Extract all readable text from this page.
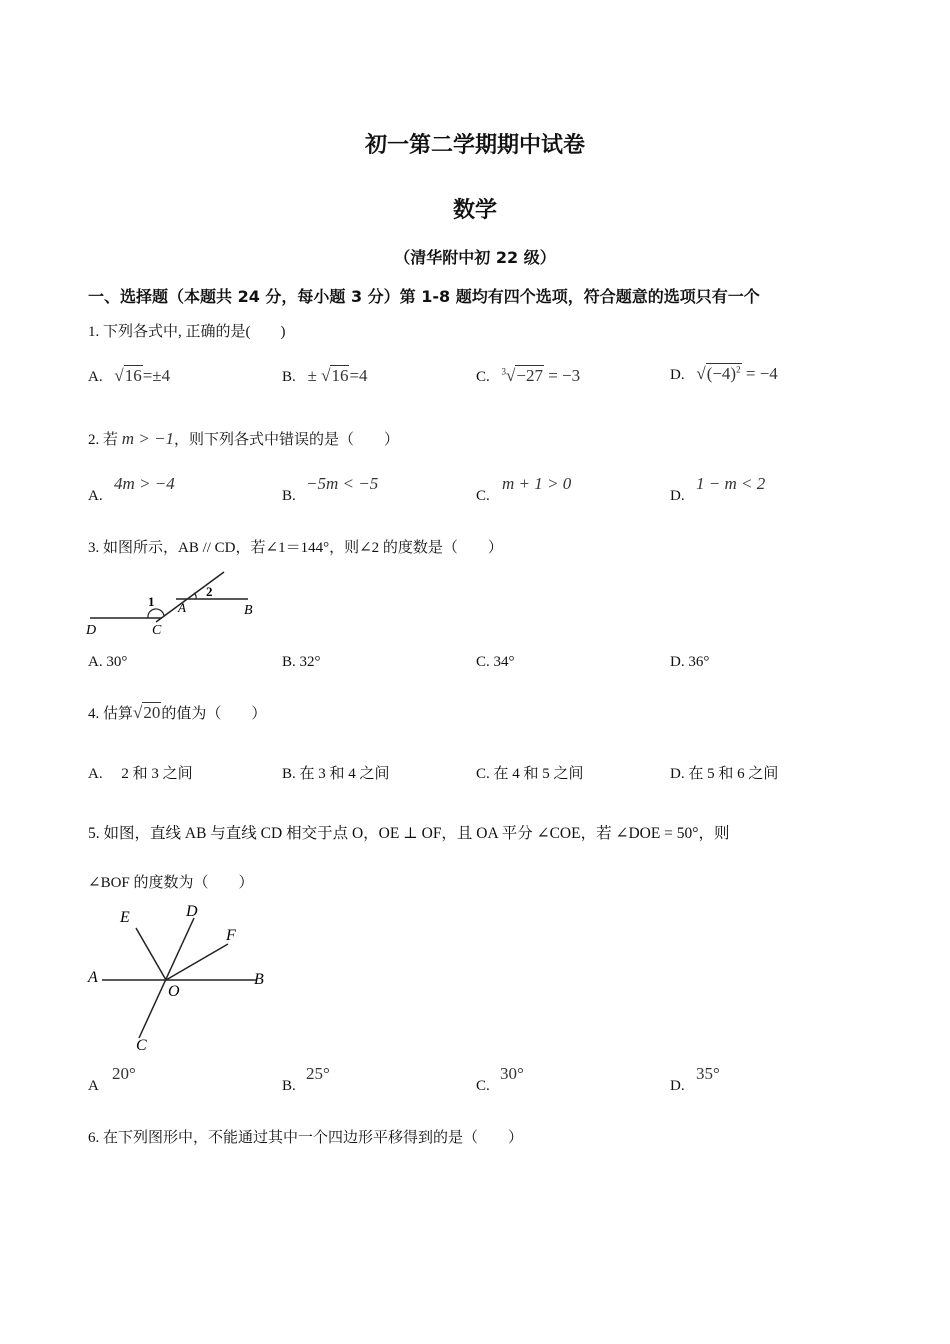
初一第二学期期中试卷
数学
（清华附中初 22 级）
一、选择题（本题共 24 分，每小题 3 分）第 1-8 题均有四个选项，符合题意的选项只有一个
1. 下列各式中, 正确的是(　　)
A. √16=±4	B. ± √16=4	C. $^3$√−27 = −3	D. $√(-4)^2 = -4$
2. 若 m > −1，则下列各式中错误的是（　　）
A.
4m > −4
B.
−5m < −5
C.
m + 1 > 0
D.
1 − m < 2
3. 如图所示，AB // CD，若∠1＝144°，则∠2 的度数是（　　）
D	C
A	B
1
2
A. 30°	B. 32°	C. 34°	D. 36°
4. 估算√20的值为（　　）
A.　 2 和 3 之间	B. 在 3 和 4 之间	C. 在 4 和 5 之间	D. 在 5 和 6 之间
5. 如图，直线 AB 与直线 CD 相交于点 O，OE ⊥ OF，且 OA 平分 ∠COE，若 ∠DOE = 50°，则
∠BOF 的度数为（　　）
E	D
F
A
O
B
C
A
20°
B.
25°
C.
30°
D.
35°
6. 在下列图形中，不能通过其中一个四边形平移得到的是（　　）
